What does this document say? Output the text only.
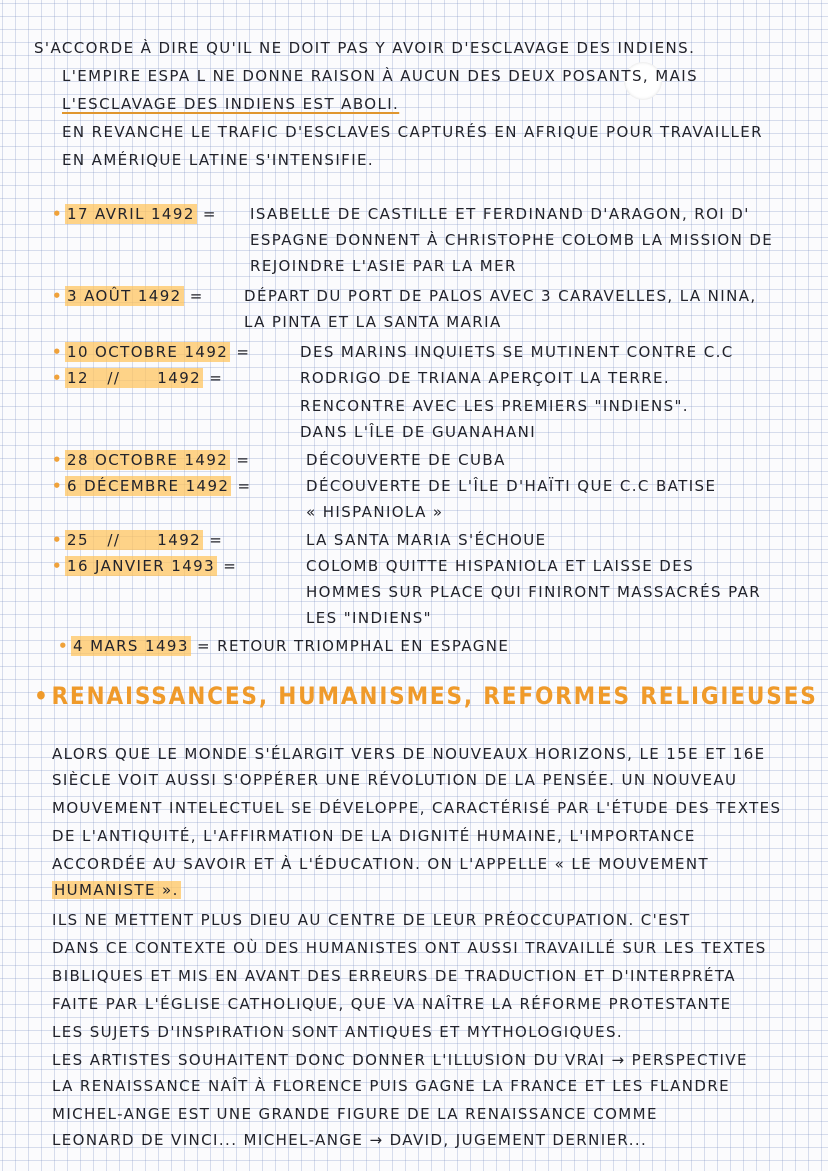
S'ACCORDE À DIRE QU'IL NE DOIT PAS Y AVOIR D'ESCLAVAGE DES INDIENS.
L'EMPIRE ESPA L NE DONNE RAISON À AUCUN DES DEUX POSANTS, MAIS
L'ESCLAVAGE DES INDIENS EST ABOLI.
EN REVANCHE LE TRAFIC D'ESCLAVES CAPTURÉS EN AFRIQUE POUR TRAVAILLER
EN AMÉRIQUE LATINE S'INTENSIFIE.
• 17 AVRIL 1492 = ISABELLE DE CASTILLE ET FERDINAND D'ARAGON, ROI D'
ESPAGNE DONNENT À CHRISTOPHE COLOMB LA MISSION DE
REJOINDRE L'ASIE PAR LA MER
• 3 AOÛT 1492 =	DÉPART DU PORT DE PALOS AVEC 3 CARAVELLES, LA NINA,
LA PINTA ET LA SANTA MARIA
• 10 OCTOBRE 1492 =	DES MARINS INQUIETS SE MUTINENT CONTRE C.C
• 12   //      1492 =	RODRIGO DE TRIANA APERÇOIT LA TERRE.
RENCONTRE AVEC LES PREMIERS "INDIENS".
DANS L'ÎLE DE GUANAHANI
• 28 OCTOBRE 1492 =	DÉCOUVERTE DE CUBA
• 6 DÉCEMBRE 1492 =	DÉCOUVERTE DE L'ÎLE D'HAÏTI QUE C.C BATISE
« HISPANIOLA »
• 25   //      1492 =	LA SANTA MARIA S'ÉCHOUE
• 16 JANVIER 1493 =	COLOMB QUITTE HISPANIOLA ET LAISSE DES
HOMMES SUR PLACE QUI FINIRONT MASSACRÉS PAR
LES "INDIENS"
• 4 MARS 1493 = RETOUR TRIOMPHAL EN ESPAGNE
•RENAISSANCES, HUMANISMES, REFORMES RELIGIEUSES
ALORS QUE LE MONDE S'ÉLARGIT VERS DE NOUVEAUX HORIZONS, LE 15E ET 16E
SIÈCLE VOIT AUSSI S'OPPÉRER UNE RÉVOLUTION DE LA PENSÉE. UN NOUVEAU
MOUVEMENT INTELECTUEL SE DÉVELOPPE, CARACTÉRISÉ PAR L'ÉTUDE DES TEXTES
DE L'ANTIQUITÉ, L'AFFIRMATION DE LA DIGNITÉ HUMAINE, L'IMPORTANCE
ACCORDÉE AU SAVOIR ET À L'ÉDUCATION. ON L'APPELLE « LE MOUVEMENT
HUMANISTE ».
ILS NE METTENT PLUS DIEU AU CENTRE DE LEUR PRÉOCCUPATION. C'EST
DANS CE CONTEXTE OÙ DES HUMANISTES ONT AUSSI TRAVAILLÉ SUR LES TEXTES
BIBLIQUES ET MIS EN AVANT DES ERREURS DE TRADUCTION ET D'INTERPRÉTA
FAITE PAR L'ÉGLISE CATHOLIQUE, QUE VA NAÎTRE LA RÉFORME PROTESTANTE
LES SUJETS D'INSPIRATION SONT ANTIQUES ET MYTHOLOGIQUES.
LES ARTISTES SOUHAITENT DONC DONNER L'ILLUSION DU VRAI → PERSPECTIVE
LA RENAISSANCE NAÎT À FLORENCE PUIS GAGNE LA FRANCE ET LES FLANDRE
MICHEL-ANGE EST UNE GRANDE FIGURE DE LA RENAISSANCE COMME
LEONARD DE VINCI... MICHEL-ANGE → DAVID, JUGEMENT DERNIER...
